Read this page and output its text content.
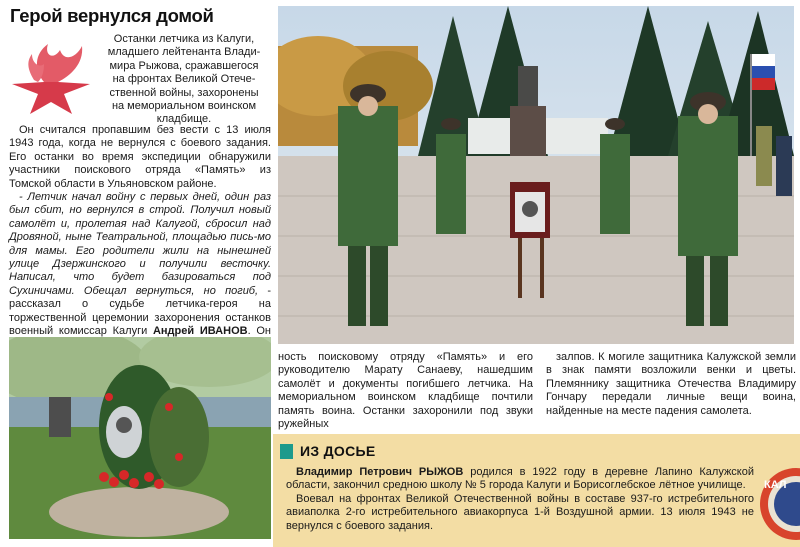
Герой вернулся домой
Останки летчика из Калуги,
младшего лейтенанта Влади-
мира Рыжова, сражавшегося
на фронтах Великой Отече-
ственной войны, захоронены
на мемориальном воинском
кладбище.

Он считался пропавшим без вести с 13 июля 1943 года, когда не вернулся с боевого задания. Его останки во время экспедиции обнаружили участники поискового отряда «Память» из Томской области в Ульяновском районе.

- Летчик начал войну с первых дней, один раз был сбит, но вернулся в строй. Получил новый самолёт и, пролетая над Калугой, сбросил над Дровяной, ныне Театральной, площадью пись-мо для мамы. Его родители жили на нынешней улице Дзержинского и получили весточку. Написал, что будет базироваться под Сухиничами. Обещал вернуться, но погиб, - рассказал о судьбе летчика-героя на торжественной церемонии захоронения останков военный комиссар Калуги Андрей ИВАНОВ. Он

ность поисковому отряду «Память» и его руководителю Марату Санаеву, нашедшим самолёт и документы погибшего летчика. На мемориальном воинском кладбище почтили память воина. Останки захоронили под звуки ружейных
залпов. К могиле защитника Калужской земли в знак памяти возложили венки и цветы. Племяннику защитника Отечества Владимиру Гончару передали личные вещи воина, найденные на месте падения самолета.
ИЗ ДОСЬЕ

Владимир Петрович РЫЖОВ родился в 1922 году в деревне Лапино Калужской области, закончил средною школу № 5 города Калуги и Борисоглебское лётное училище.

Воевал на фронтах Великой Отечественной войны в составе 937-го истребительного авиаполка 2-го истребительного авиакорпуса 1-й Воздушной армии. 13 июля 1943 не вернулся с боевого задания.

КАЛ
